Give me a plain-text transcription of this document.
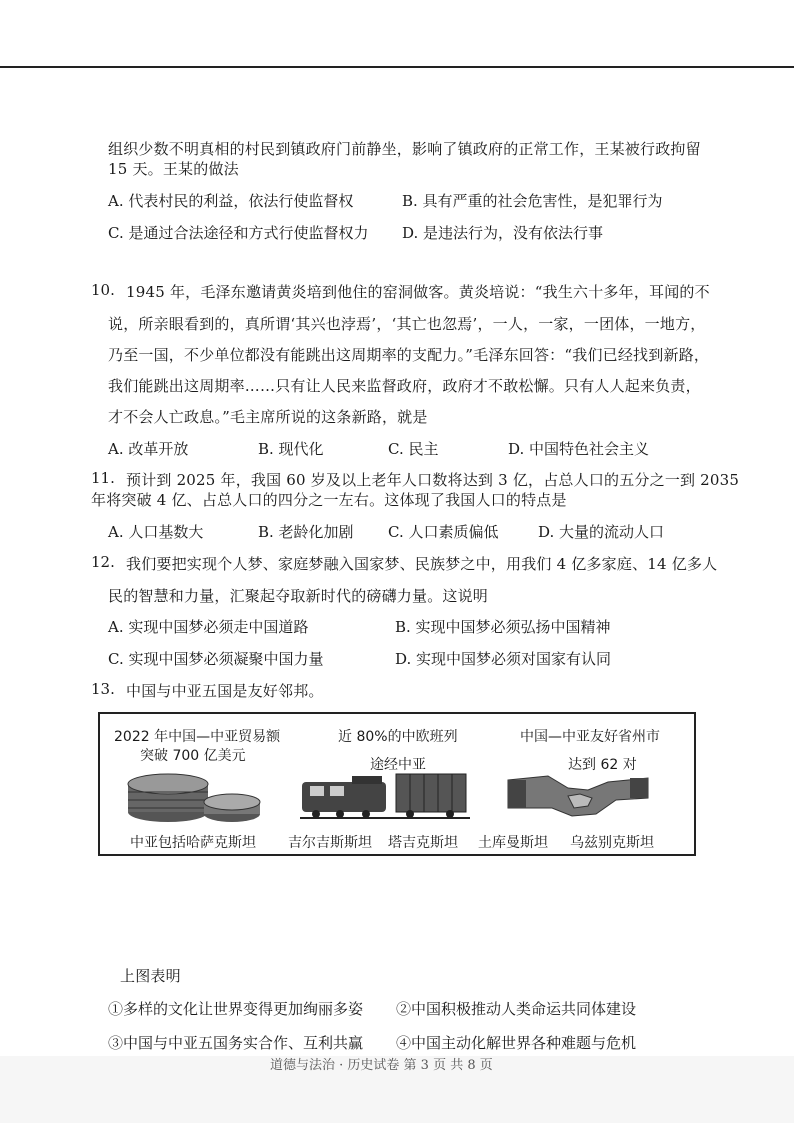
组织少数不明真相的村民到镇政府门前静坐，影响了镇政府的正常工作，王某被行政拘留
15 天。王某的做法
A. 代表村民的利益，依法行使监督权	B. 具有严重的社会危害性，是犯罪行为
C. 是通过合法途径和方式行使监督权力 D. 是违法行为，没有依法行事
10. 1945 年，毛泽东邀请黄炎培到他住的窑洞做客。黄炎培说：“我生六十多年，耳闻的不
说，所亲眼看到的，真所谓‘其兴也浡焉’，‘其亡也忽焉’，一人，一家，一团体，一地方，
乃至一国，不少单位都没有能跳出这周期率的支配力。”毛泽东回答：“我们已经找到新路，
我们能跳出这周期率……只有让人民来监督政府，政府才不敢松懈。只有人人起来负责，
才不会人亡政息。”毛主席所说的这条新路，就是
A. 改革开放	B. 现代化	C. 民主	D. 中国特色社会主义
11. 预计到 2025 年，我国 60 岁及以上老年人口数将达到 3 亿，占总人口的五分之一到 2035
年将突破 4 亿、占总人口的四分之一左右。这体现了我国人口的特点是
A. 人口基数大	B. 老龄化加剧 C. 人口素质偏低	D. 大量的流动人口
12. 我们要把实现个人梦、家庭梦融入国家梦、民族梦之中，用我们 4 亿多家庭、14 亿多人
民的智慧和力量，汇聚起夺取新时代的磅礴力量。这说明
A. 实现中国梦必须走中国道路	B. 实现中国梦必须弘扬中国精神
C. 实现中国梦必须凝聚中国力量	D. 实现中国梦必须对国家有认同
13. 中国与中亚五国是友好邻邦。
2022 年中国—中亚贸易额
突破 700 亿美元
近 80%的中欧班列
途经中亚
中国—中亚友好省州市
达到 62 对
中亚包括哈萨克斯坦 吉尔吉斯斯坦 塔吉克斯坦 土库曼斯坦 乌兹别克斯坦
上图表明
①多样的文化让世界变得更加绚丽多姿 ②中国积极推动人类命运共同体建设
③中国与中亚五国务实合作、互利共赢 ④中国主动化解世界各种难题与危机
